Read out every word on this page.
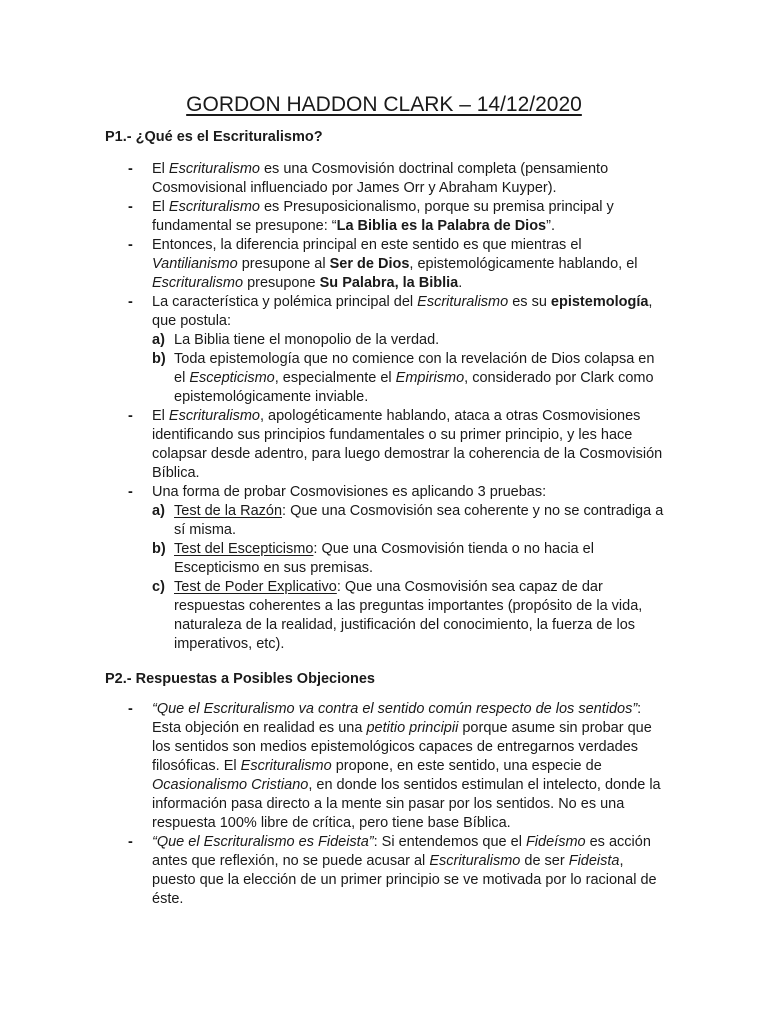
GORDON HADDON CLARK – 14/12/2020
P1.- ¿Qué es el Escrituralismo?
- El Escrituralismo es una Cosmovisión doctrinal completa (pensamiento Cosmovisional influenciado por James Orr y Abraham Kuyper).
- El Escrituralismo es Presuposicionalismo, porque su premisa principal y fundamental se presupone: “La Biblia es la Palabra de Dios”.
- Entonces, la diferencia principal en este sentido es que mientras el Vantilianismo presupone al Ser de Dios, epistemológicamente hablando, el Escrituralismo presupone Su Palabra, la Biblia.
- La característica y polémica principal del Escrituralismo es su epistemología, que postula:
a) La Biblia tiene el monopolio de la verdad.
b) Toda epistemología que no comience con la revelación de Dios colapsa en el Escepticismo, especialmente el Empirismo, considerado por Clark como epistemológicamente inviable.
- El Escrituralismo, apologéticamente hablando, ataca a otras Cosmovisiones identificando sus principios fundamentales o su primer principio, y les hace colapsar desde adentro, para luego demostrar la coherencia de la Cosmovisión Bíblica.
- Una forma de probar Cosmovisiones es aplicando 3 pruebas:
a) Test de la Razón: Que una Cosmovisión sea coherente y no se contradiga a sí misma.
b) Test del Escepticismo: Que una Cosmovisión tienda o no hacia el Escepticismo en sus premisas.
c) Test de Poder Explicativo: Que una Cosmovisión sea capaz de dar respuestas coherentes a las preguntas importantes (propósito de la vida, naturaleza de la realidad, justificación del conocimiento, la fuerza de los imperativos, etc).
P2.- Respuestas a Posibles Objeciones
- “Que el Escrituralismo va contra el sentido común respecto de los sentidos”: Esta objeción en realidad es una petitio principii porque asume sin probar que los sentidos son medios epistemológicos capaces de entregarnos verdades filosóficas. El Escrituralismo propone, en este sentido, una especie de Ocasionalismo Cristiano, en donde los sentidos estimulan el intelecto, donde la información pasa directo a la mente sin pasar por los sentidos. No es una respuesta 100% libre de crítica, pero tiene base Bíblica.
- “Que el Escrituralismo es Fideista”: Si entendemos que el Fideísmo es acción antes que reflexión, no se puede acusar al Escrituralismo de ser Fideista, puesto que la elección de un primer principio se ve motivada por lo racional de éste.
